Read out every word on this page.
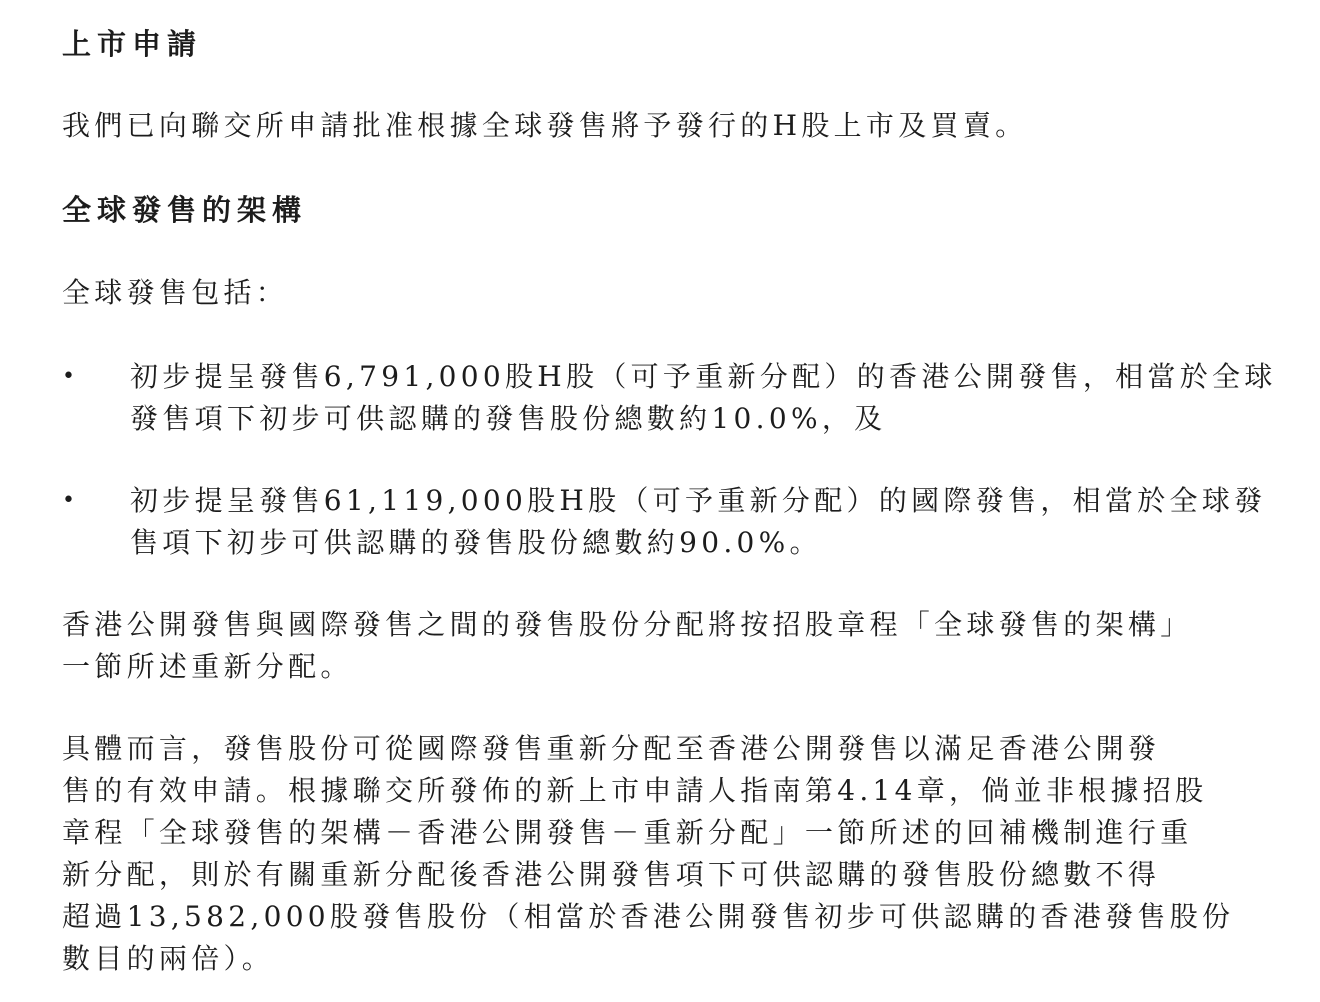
上市申請
我們已向聯交所申請批准根據全球發售將予發行的H股上市及買賣。
全球發售的架構
全球發售包括：
• 初步提呈發售6,791,000股H股（可予重新分配）的香港公開發售，相當於全球
發售項下初步可供認購的發售股份總數約10.0%，及
• 初步提呈發售61,119,000股H股（可予重新分配）的國際發售，相當於全球發
售項下初步可供認購的發售股份總數約90.0%。
香港公開發售與國際發售之間的發售股份分配將按招股章程「全球發售的架構」
一節所述重新分配。
具體而言，發售股份可從國際發售重新分配至香港公開發售以滿足香港公開發
售的有效申請。根據聯交所發佈的新上市申請人指南第4.14章，倘並非根據招股
章程「全球發售的架構－香港公開發售－重新分配」一節所述的回補機制進行重
新分配，則於有關重新分配後香港公開發售項下可供認購的發售股份總數不得
超過13,582,000股發售股份（相當於香港公開發售初步可供認購的香港發售股份
數目的兩倍）。
